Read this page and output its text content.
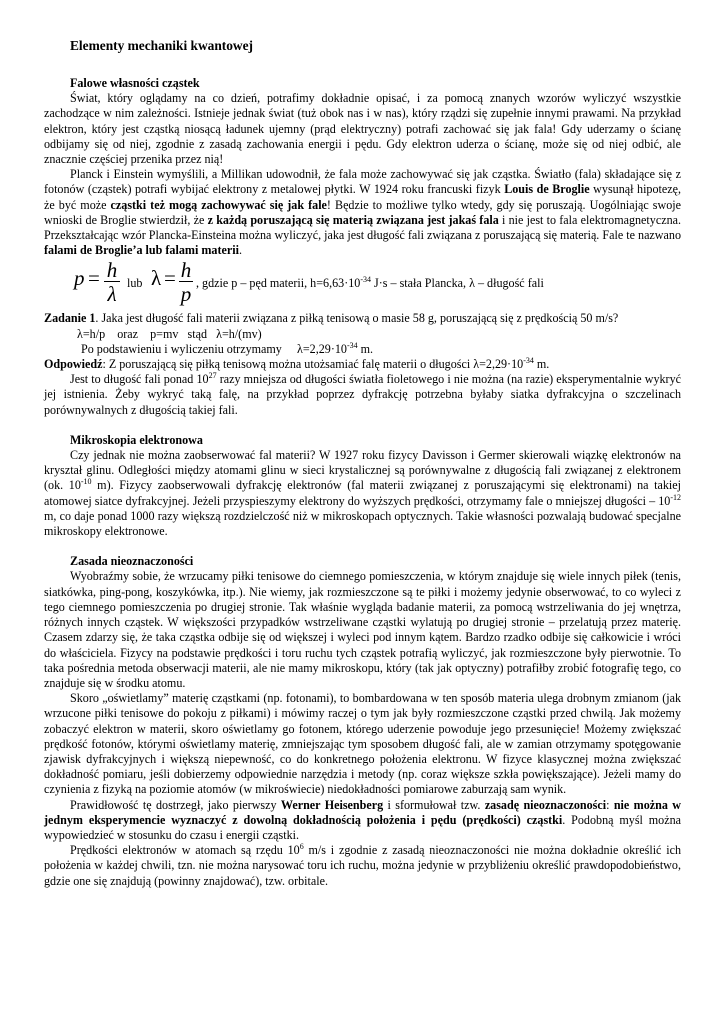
Elementy mechaniki kwantowej
Falowe własności cząstek

Świat, który oglądamy na co dzień, potrafimy dokładnie opisać, i za pomocą znanych wzorów wyliczyć wszystkie zachodzące w nim zależności. Istnieje jednak świat (tuż obok nas i w nas), który rządzi się zupełnie innymi prawami. Na przykład elektron, który jest cząstką niosącą ładunek ujemny (prąd elektryczny) potrafi zachować się jak fala! Gdy uderzamy o ścianę odbijamy się od niej, zgodnie z zasadą zachowania energii i pędu. Gdy elektron uderza o ścianę, może się od niej odbić, ale znacznie częściej przenika przez nią!

Planck i Einstein wymyślili, a Millikan udowodnił, że fala może zachowywać się jak cząstka. Światło (fala) składające się z fotonów (cząstek) potrafi wybijać elektrony z metalowej płytki. W 1924 roku francuski fizyk Louis de Broglie wysunął hipotezę, że być może cząstki też mogą zachowywać się jak fale! Będzie to możliwe tylko wtedy, gdy się poruszają. Uogólniając swoje wnioski de Broglie stwierdził, że z każdą poruszającą się materią związana jest jakaś fala i nie jest to fala elektromagnetyczna. Przekształcając wzór Plancka-Einsteina można wyliczyć, jaka jest długość fali związana z poruszającą się materią. Fale te nazwano falami de Broglie’a lub falami materii.

p = h
λ lub λ = h
p , gdzie p – pęd materii, $h=6,63\cdot 10^{-34}$ J·s – stała Plancka, λ – długość fali

Zadanie 1. Jaka jest długość fali materii związana z piłką tenisową o masie 58 g, poruszającą się z prędkością 50 m/s?

λ=h/p    oraz    p=mv   stąd   λ=h/(mv)

Po podstawieniu i wyliczeniu otrzymamy     $\lambda=2,29\cdot 10^{-34}$ m.

Odpowiedź: Z poruszającą się piłką tenisową można utożsamiać falę materii o długości $\lambda=2,29\cdot 10^{-34}$ m.

Jest to długość fali ponad $10^{27}$ razy mniejsza od długości światła fioletowego i nie można (na razie) eksperymentalnie wykryć jej istnienia. Żeby wykryć taką falę, na przykład poprzez dyfrakcję potrzebna byłaby siatka dyfrakcyjna o szczelinach porównywalnych z długością takiej fali.

Mikroskopia elektronowa

Czy jednak nie można zaobserwować fal materii? W 1927 roku fizycy Davisson i Germer skierowali wiązkę elektronów na kryształ glinu. Odległości między atomami glinu w sieci krystalicznej są porównywalne z długością fali związanej z elektronem (ok. $10^{-10}$ m). Fizycy zaobserwowali dyfrakcję elektronów (fal materii związanej z poruszającymi się elektronami) na takiej atomowej siatce dyfrakcyjnej. Jeżeli przyspieszymy elektrony do wyższych prędkości, otrzymamy fale o mniejszej długości – $10^{-12}$ m, co daje ponad 1000 razy większą rozdzielczość niż w mikroskopach optycznych. Takie własności pozwalają budować specjalne mikroskopy elektronowe.

Zasada nieoznaczoności

Wyobraźmy sobie, że wrzucamy piłki tenisowe do ciemnego pomieszczenia, w którym znajduje się wiele innych piłek (tenis, siatkówka, ping-pong, koszykówka, itp.). Nie wiemy, jak rozmieszczone są te piłki i możemy jedynie obserwować, to co wyleci z tego ciemnego pomieszczenia po drugiej stronie. Tak właśnie wygląda badanie materii, za pomocą wstrzeliwania do jej wnętrza, różnych innych cząstek. W większości przypadków wstrzeliwane cząstki wylatują po drugiej stronie – przelatują przez materię. Czasem zdarzy się, że taka cząstka odbije się od większej i wyleci pod innym kątem. Bardzo rzadko odbije się całkowicie i wróci do właściciela. Fizycy na podstawie prędkości i toru ruchu tych cząstek potrafią wyliczyć, jak rozmieszczone były pierwotnie. To taka pośrednia metoda obserwacji materii, ale nie mamy mikroskopu, który (tak jak optyczny) potrafiłby zrobić fotografię tego, co znajduje się w środku atomu.

Skoro „oświetlamy” materię cząstkami (np. fotonami), to bombardowana w ten sposób materia ulega drobnym zmianom (jak wrzucone piłki tenisowe do pokoju z piłkami) i mówimy raczej o tym jak były rozmieszczone cząstki przed chwilą. Jak możemy zobaczyć elektron w materii, skoro oświetlamy go fotonem, którego uderzenie powoduje jego przesunięcie! Możemy zwiększać prędkość fotonów, którymi oświetlamy materię, zmniejszając tym sposobem długość fali, ale w zamian otrzymamy spotęgowanie zjawisk dyfrakcyjnych i większą niepewność, co do konkretnego położenia elektronu. W fizyce klasycznej można zwiększać dokładność pomiaru, jeśli dobierzemy odpowiednie narzędzia i metody (np. coraz większe szkła powiększające). Jeżeli mamy do czynienia z fizyką na poziomie atomów (w mikroświecie) niedokładności pomiarowe zaburzają sam wynik.

Prawidłowość tę dostrzegł, jako pierwszy Werner Heisenberg i sformułował tzw. zasadę nieoznaczoności: nie można w jednym eksperymencie wyznaczyć z dowolną dokładnością położenia i pędu (prędkości) cząstki. Podobną myśl można wypowiedzieć w stosunku do czasu i energii cząstki.

Prędkości elektronów w atomach są rzędu $10^6$ m/s i zgodnie z zasadą nieoznaczoności nie można dokładnie określić ich położenia w każdej chwili, tzn. nie można narysować toru ich ruchu, można jedynie w przybliżeniu określić prawdopodobieństwo, gdzie one się znajdują (powinny znajdować), tzw. orbitale.
